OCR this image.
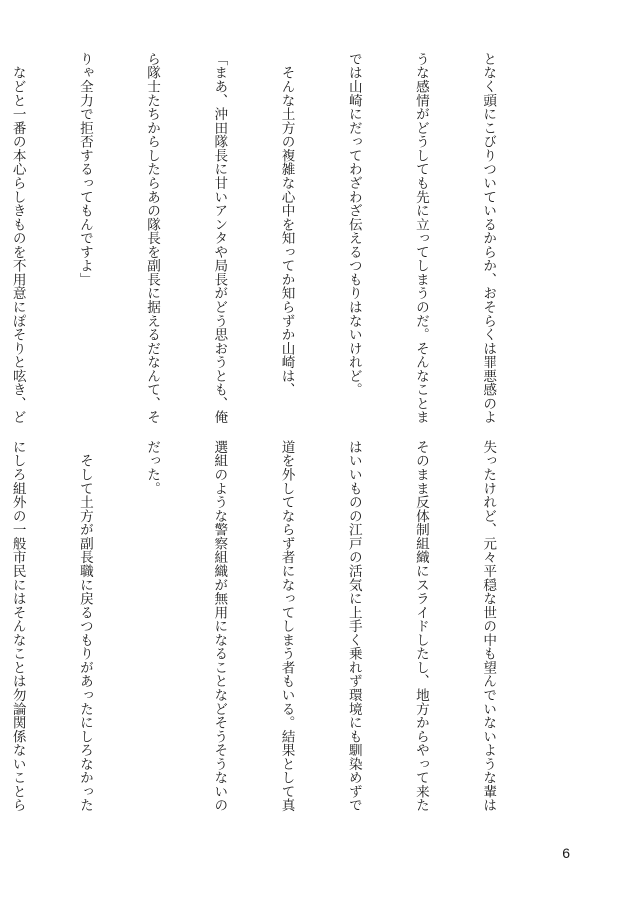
となく頭にこびりついているからか、おそらくは罪悪感のよ

うな感情がどうしても先に立ってしまうのだ。そんなことま

では山崎にだってわざわざ伝えるつもりはないけれど。

　そんな土方の複雑な心中を知ってか知らずか山崎は、

「まあ、沖田隊長に甘いアンタや局長がどう思おうとも、俺

ら隊士たちからしたらあの隊長を副長に据えるだなんて、そ

りゃ全力で拒否するってもんですよ」

　などと一番の本心らしきものを不用意にぽそりと呟き、ど

失ったけれど、元々平穏な世の中も望んでいないような輩は

そのまま反体制組織にスライドしたし、地方からやって来た

はいいものの江戸の活気に上手く乗れず環境にも馴染めずで

道を外してならず者になってしまう者もいる。結果として真

選組のような警察組織が無用になることなどそうそうないの

だった。

　そして土方が副長職に戻るつもりがあったにしろなかった

にしろ組外の一般市民にはそんなことは勿論関係ないことら

6
